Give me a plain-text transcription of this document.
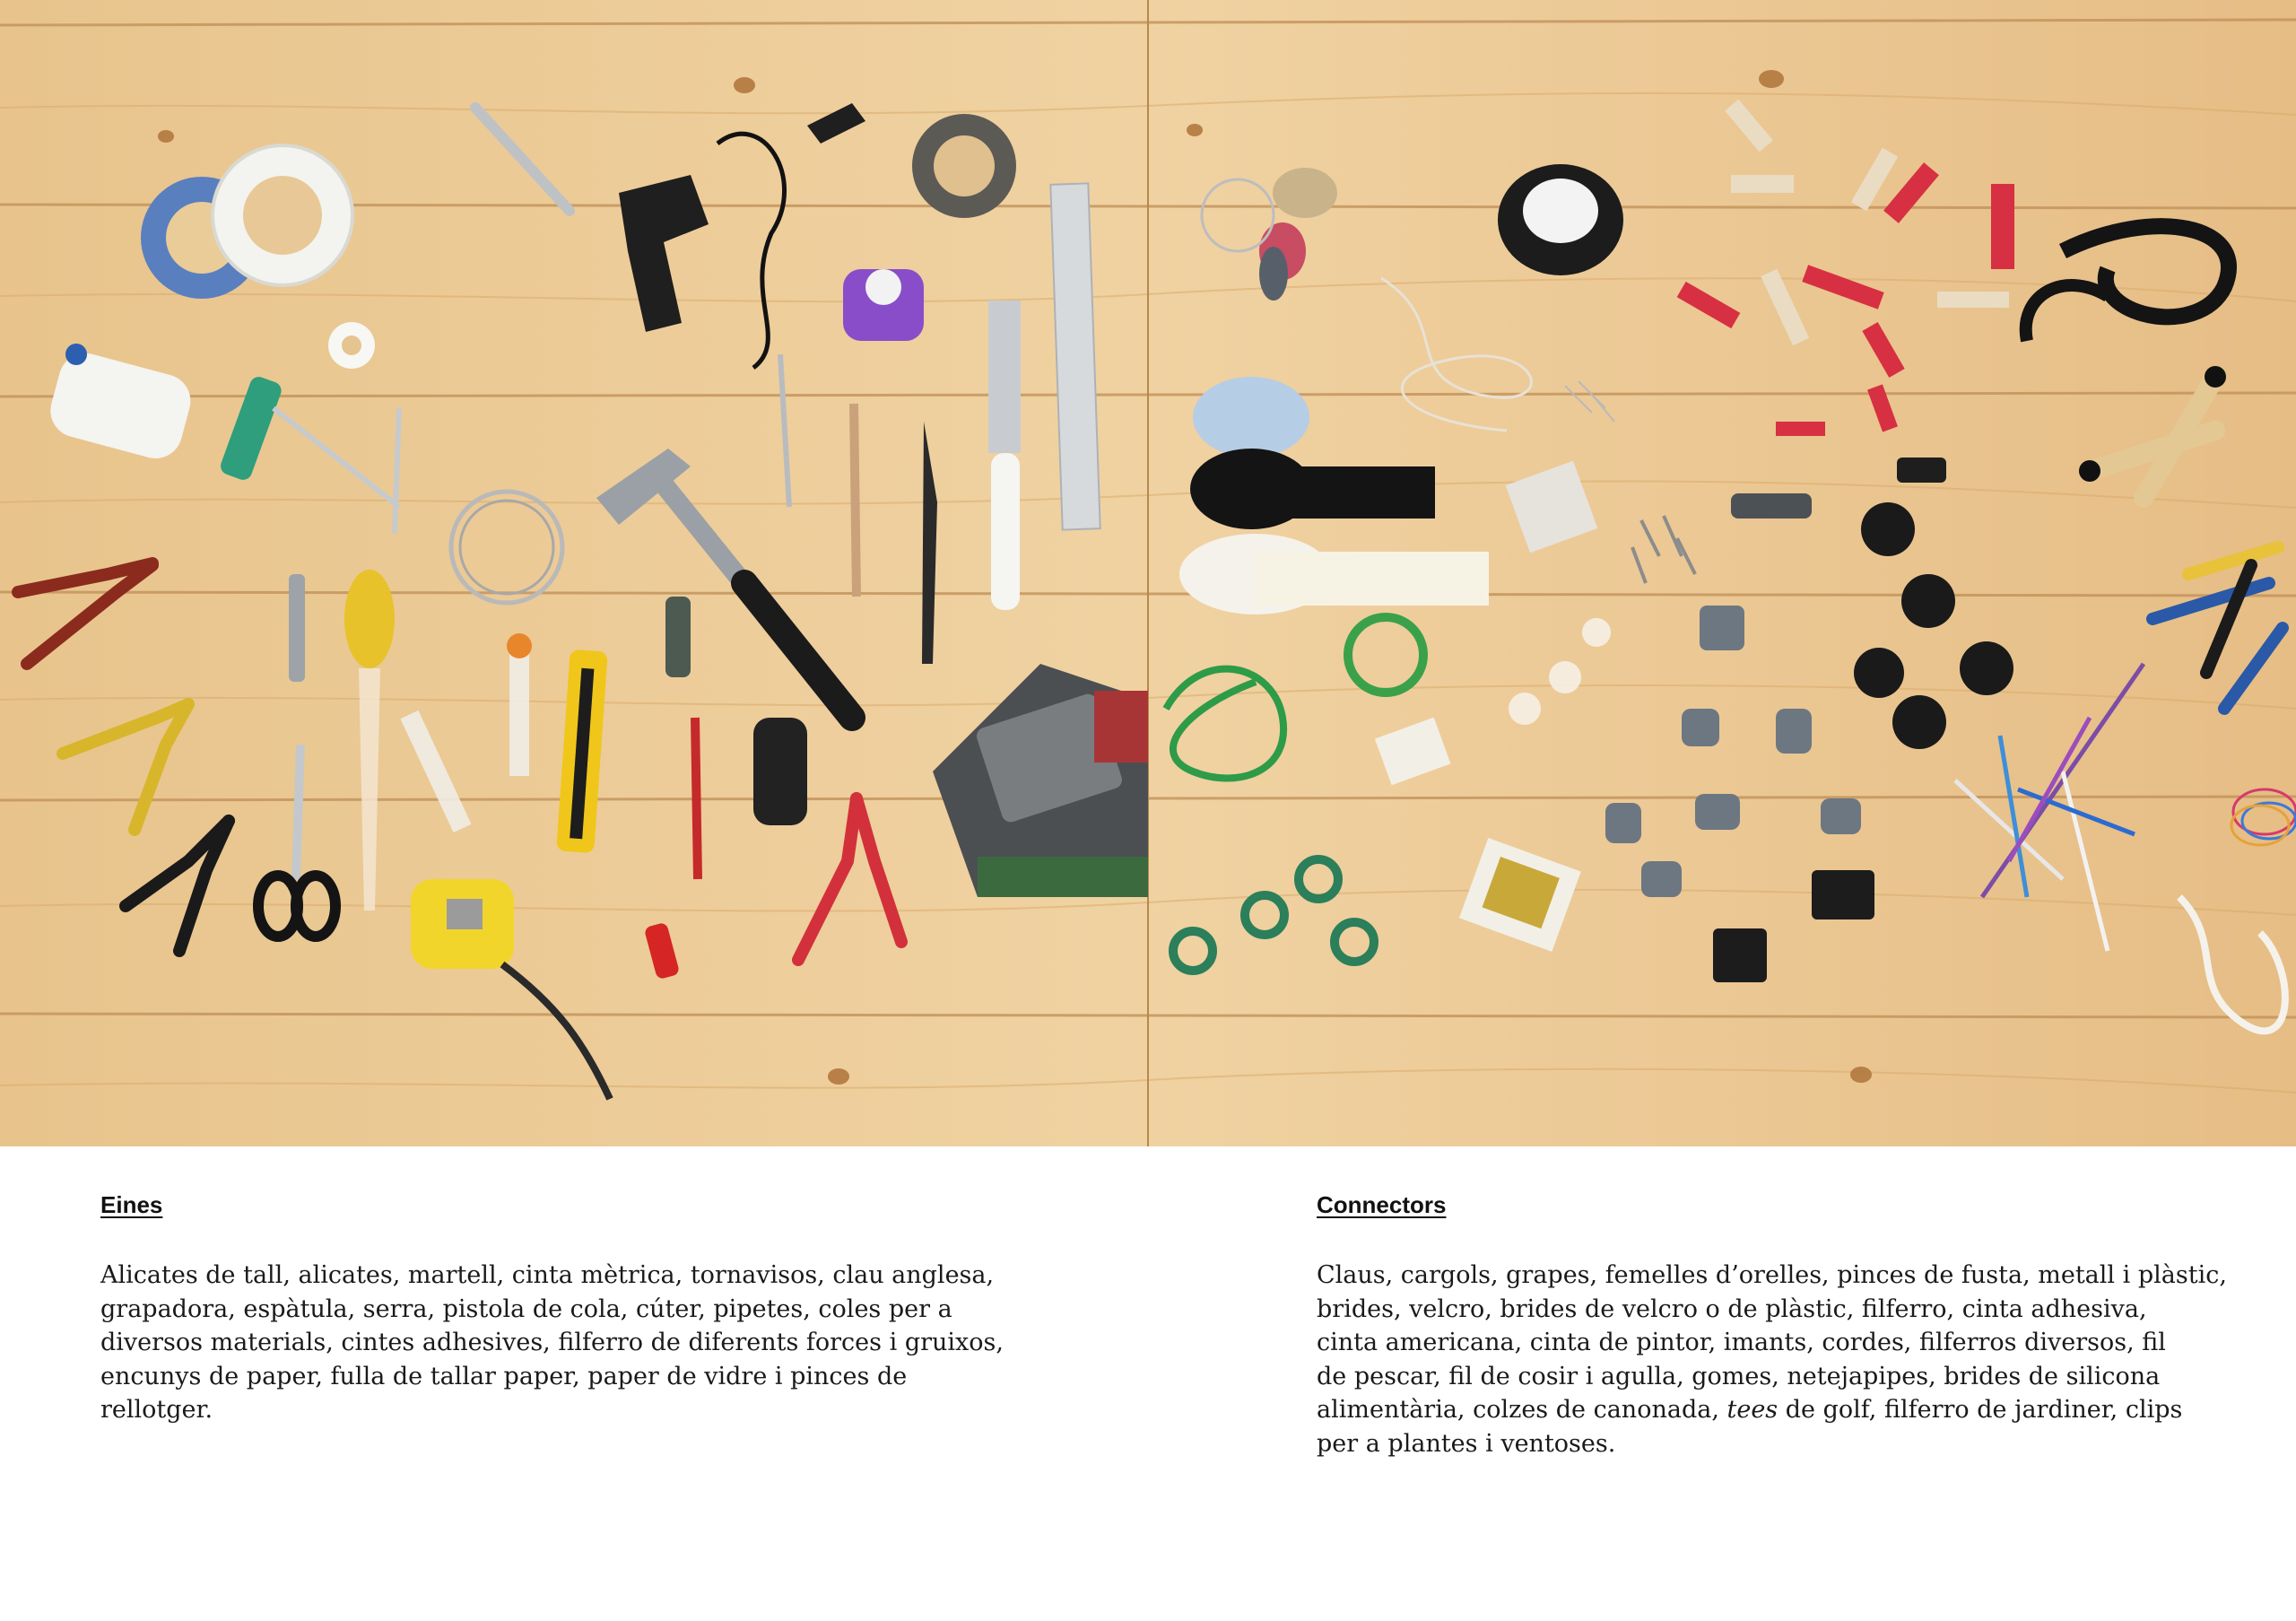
Eines

Alicates de tall, alicates, martell, cinta mètrica, tornavisos, clau anglesa,
grapadora, espàtula, serra, pistola de cola, cúter, pipetes, coles per a
diversos materials, cintes adhesives, filferro de diferents forces i gruixos,
encunys de paper, fulla de tallar paper, paper de vidre i pinces de
rellotger.

Connectors

Claus, cargols, grapes, femelles d’orelles, pinces de fusta, metall i plàstic,
brides, velcro, brides de velcro o de plàstic, filferro, cinta adhesiva,
cinta americana, cinta de pintor, imants, cordes, filferros diversos, fil
de pescar, fil de cosir i agulla, gomes, netejapipes, brides de silicona
alimentària, colzes de canonada, tees de golf, filferro de jardiner, clips
per a plantes i ventoses.
